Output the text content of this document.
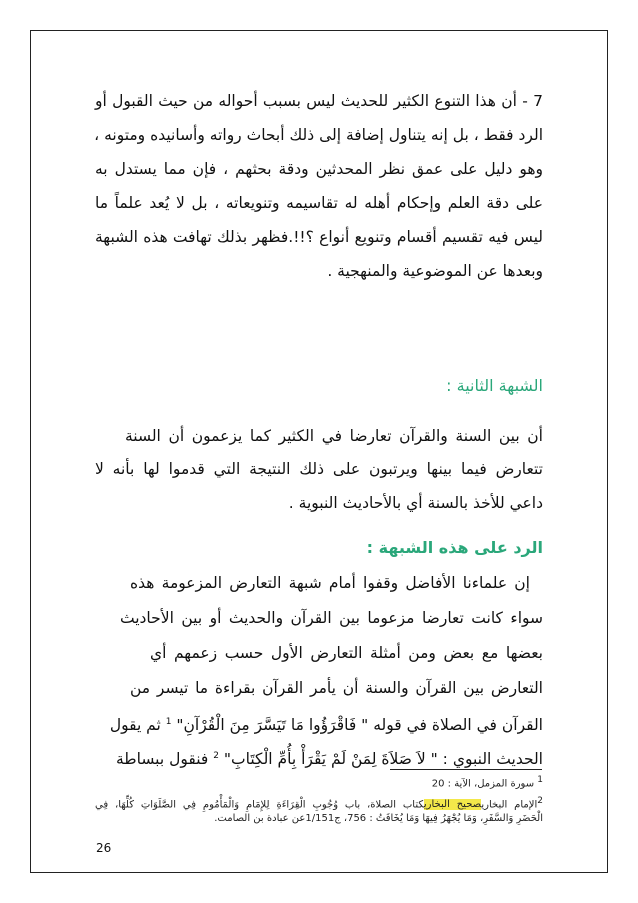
7 - أن هذا التنوع الكثير للحديث ليس بسبب أحواله من حيث القبول أو
الرد فقط ، بل إنه يتناول إضافة إلى ذلك أبحاث رواته وأسانيده ومتونه ،
وهو دليل على عمق نظر المحدثين ودقة بحثهم ، فإن مما يستدل به
على دقة العلم وإحكام أهله له تقاسيمه وتنويعاته ، بل لا يُعد علماً ما
ليس فيه تقسيم أقسام وتنويع أنواع ؟!!.فظهر بذلك تهافت هذه الشبهة
وبعدها عن الموضوعية والمنهجية .
الشبهة الثانية :
أن بين السنة والقرآن تعارضا في الكثير كما يزعمون أن السنة
تتعارض فيما بينها ويرتبون على ذلك النتيجة التي قدموا لها بأنه لا
داعي للأخذ بالسنة أي بالأحاديث النبوية .
الرد على هذه الشبهة :
إن علماءنا الأفاضل وقفوا أمام شبهة التعارض المزعومة هذه
سواء كانت تعارضا مزعوما بين القرآن والحديث أو بين الأحاديث
بعضها مع بعض ومن أمثلة التعارض الأول حسب زعمهم أي
التعارض بين القرآن والسنة أن يأمر القرآن بقراءة ما تيسر من
القرآن في الصلاة في قوله " فَاقْرَؤُوا مَا تَيَسَّرَ مِنَ الْقُرْآنِ" $^1$ ثم يقول
الحديث النبوي : " لاَ صَلاَةَ لِمَنْ لَمْ يَقْرَأْ بِأُمِّ الْكِتَابِ" $^2$ فنقول ببساطة
$^1$ سورة المزمل، الآية : 20
$^2$الإمام البخاريصحيح البخاريكتاب الصلاة، باب وُجُوبِ الْقِرَاءَةِ لِلإِمَامِ وَالْمَأْمُومِ فِي الصَّلَوَاتِ كُلِّهَا، فِي
الْحَضَرِ وَالسَّفَرِ، وَمَا يُجْهَرُ فِيهَا وَمَا يُخَافَتُ : 756، ج1/151عن عبادة بن الصامت.
26
